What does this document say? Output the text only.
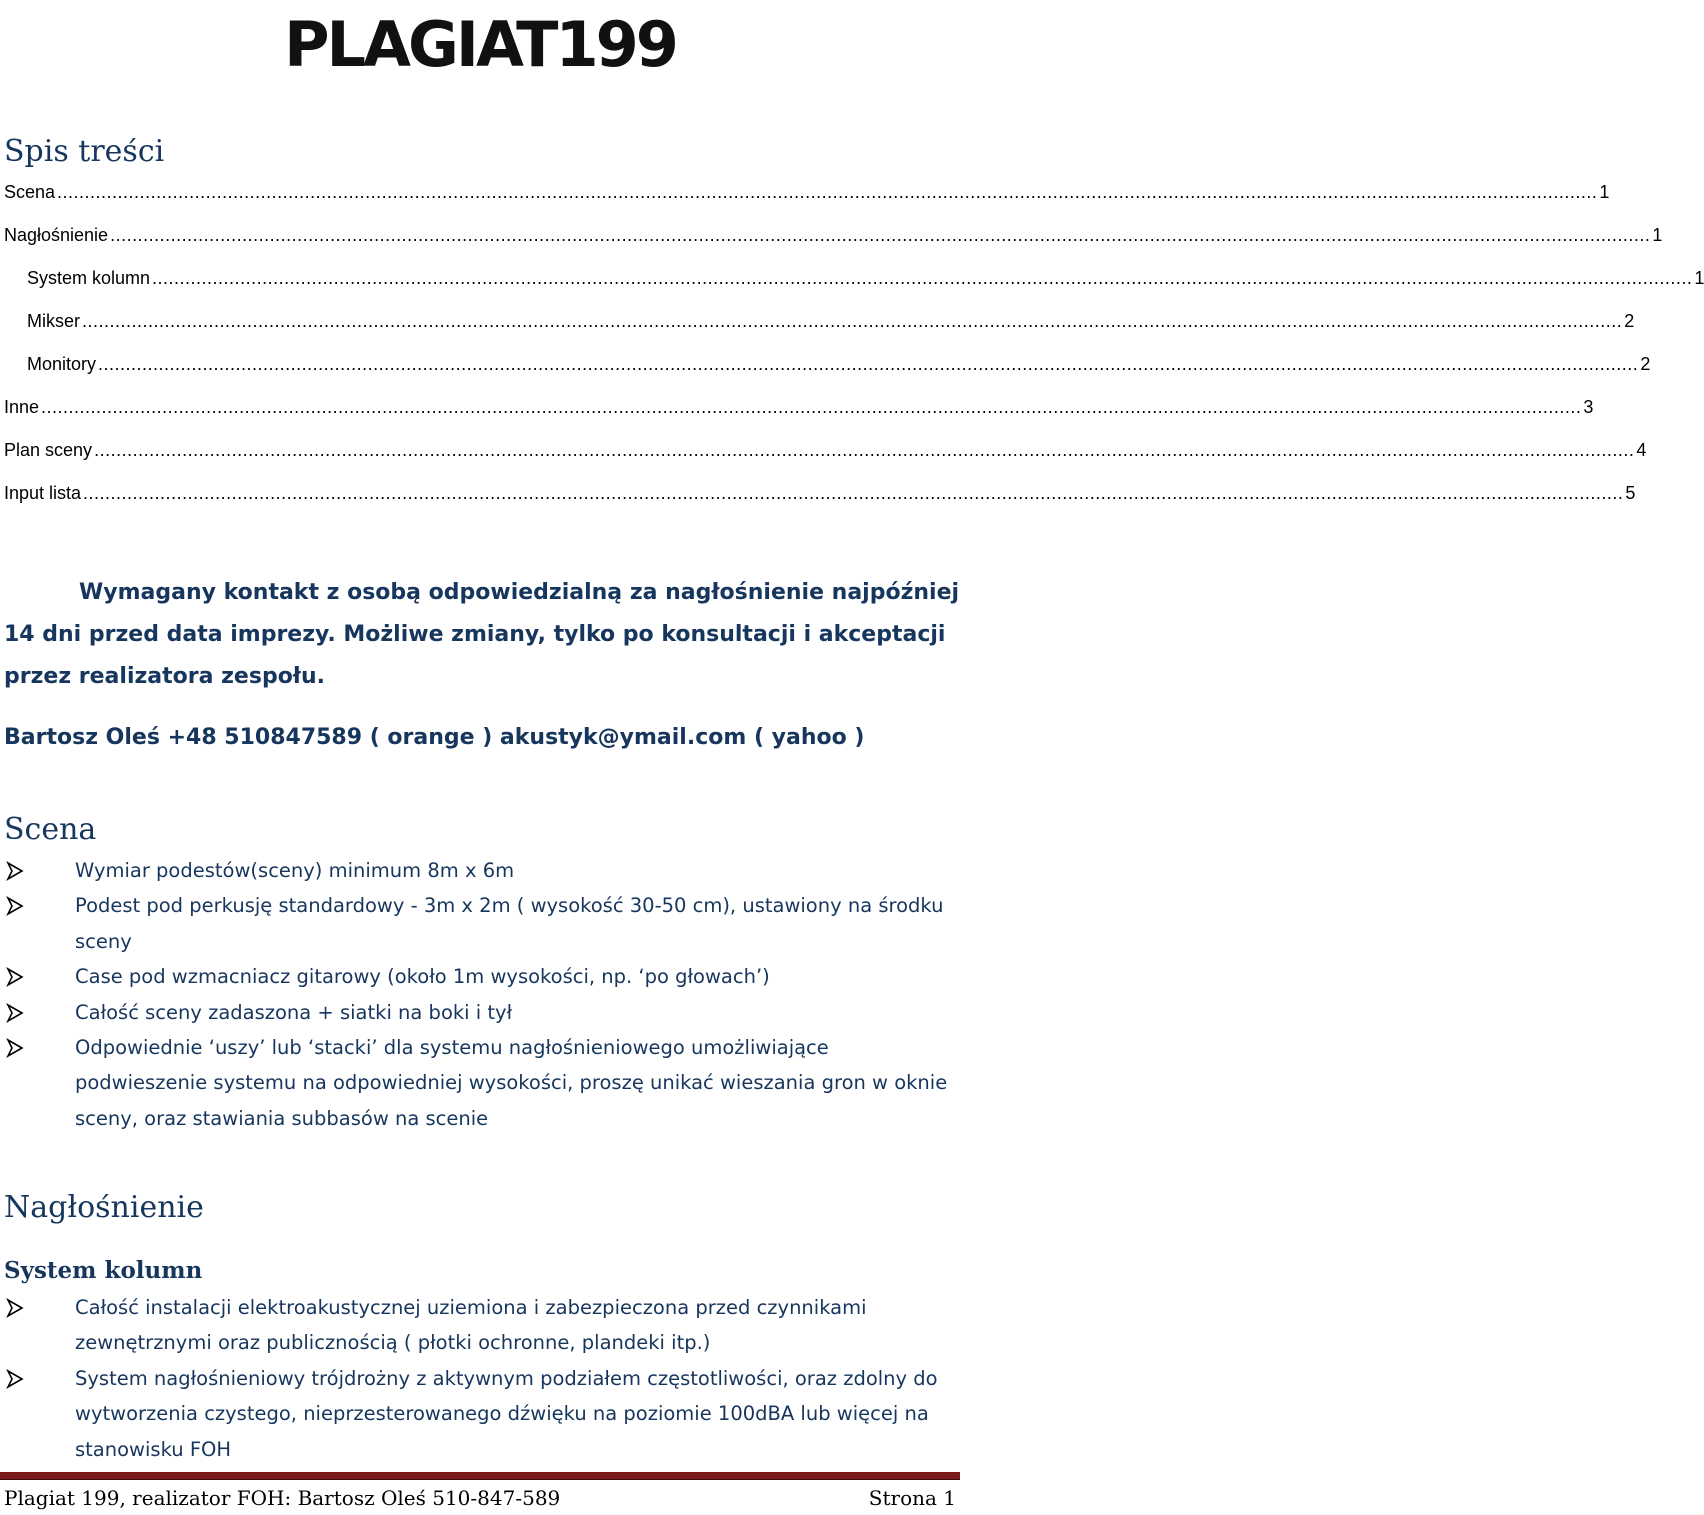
PLAGIAT199
Spis treści
Scena .....	1
Nagłośnienie .....	1
System kolumn .....	1
Mikser .....	2
Monitory .....	2
Inne .....	3
Plan sceny .....	4
Input lista .....	5
Wymagany kontakt z osobą odpowiedzialną za nagłośnienie najpóźniej
14 dni przed data imprezy. Możliwe zmiany, tylko po konsultacji i akceptacji
przez realizatora zespołu.
Bartosz Oleś +48 510847589 ( orange ) akustyk@ymail.com ( yahoo )
Scena
Wymiar podestów(sceny) minimum 8m x 6m
Podest pod perkusję standardowy - 3m x 2m ( wysokość 30-50 cm), ustawiony na środku sceny
Case pod wzmacniacz gitarowy (około 1m wysokości, np. ‘po głowach’)
Całość sceny zadaszona + siatki na boki i tył
Odpowiednie ‘uszy’ lub ‘stacki’ dla systemu nagłośnieniowego umożliwiające podwieszenie systemu na odpowiedniej wysokości, proszę unikać wieszania gron w oknie sceny, oraz stawiania subbasów na scenie
Nagłośnienie
System kolumn
Całość instalacji elektroakustycznej uziemiona i zabezpieczona przed czynnikami zewnętrznymi oraz publicznością ( płotki ochronne, plandeki itp.)
System nagłośnieniowy trójdrożny z aktywnym podziałem częstotliwości, oraz zdolny do wytworzenia czystego, nieprzesterowanego dźwięku na poziomie 100dBA lub więcej na stanowisku FOH
Plagiat 199, realizator FOH: Bartosz Oleś 510-847-589	Strona 1
